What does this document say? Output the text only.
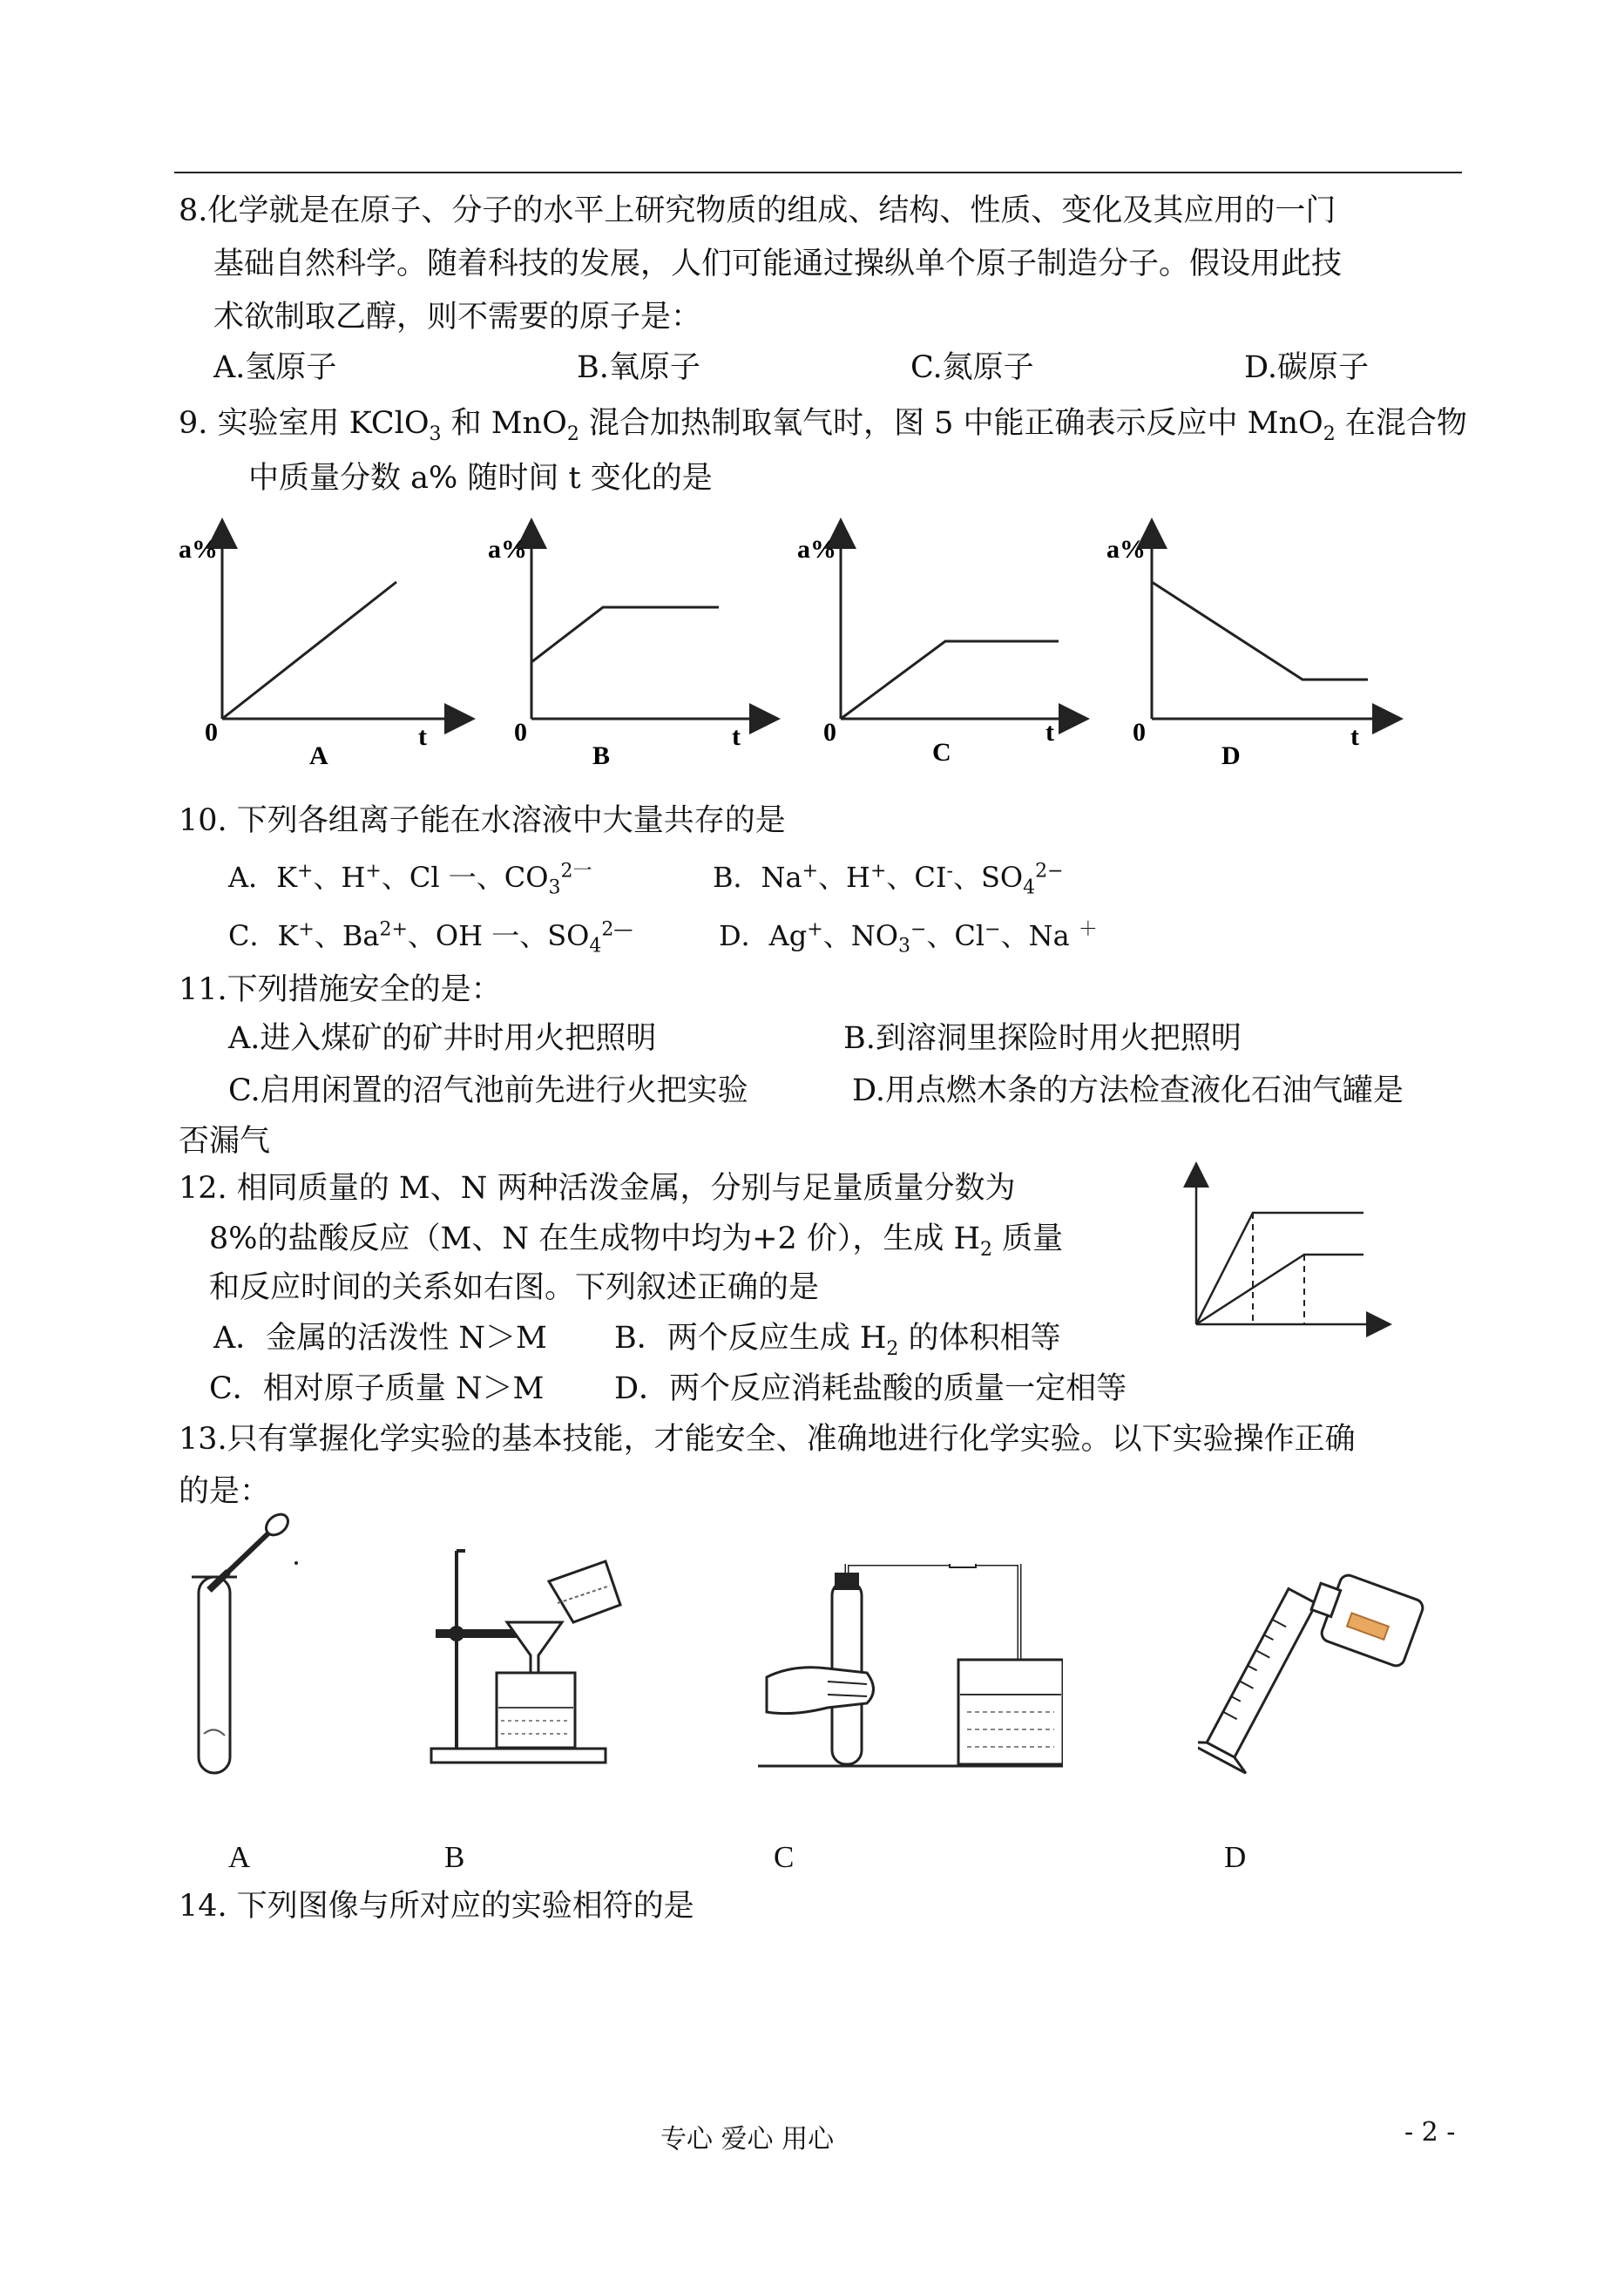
8.化学就是在原子、分子的水平上研究物质的组成、结构、性质、变化及其应用的一门
基础自然科学。随着科技的发展，人们可能通过操纵单个原子制造分子。假设用此技
术欲制取乙醇，则不需要的原子是：
A.氢原子	B.氧原子	C.氮原子	D.碳原子
9. 实验室用 KClO$_3$ 和 MnO$_2$ 混合加热制取氧气时，图 5 中能正确表示反应中 MnO$_2$ 在混合物
中质量分数 a% 随时间 t 变化的是
a%
0	t
A
a%
0	t
B
a%
0	t
C
a%
0	t
D
10. 下列各组离子能在水溶液中大量共存的是
A．K+、H+、Cl 一、$CO_3^{2一}$	B．Na+、H+、CI-、$SO_4^{2-}$
C．K+、$Ba^{2+}$、OH 一、$SO_4^{2—}$	D．Ag+、$NO_3^-$、Cl−、Na ＋
11.下列措施安全的是：
A.进入煤矿的矿井时用火把照明	B.到溶洞里探险时用火把照明
C.启用闲置的沼气池前先进行火把实验	D.用点燃木条的方法检查液化石油气罐是
否漏气
12. 相同质量的 M、N 两种活泼金属，分别与足量质量分数为
8%的盐酸反应（M、N 在生成物中均为+2 价），生成 $H_2$ 质量
和反应时间的关系如右图。下列叙述正确的是
A．金属的活泼性 N＞M B．两个反应生成 $H_2$ 的体积相等
C．相对原子质量 N＞M D．两个反应消耗盐酸的质量一定相等
13.只有掌握化学实验的基本技能，才能安全、准确地进行化学实验。以下实验操作正确
的是：
A	B	C	D
14. 下列图像与所对应的实验相符的是
专心 爱心 用心	- 2 -
